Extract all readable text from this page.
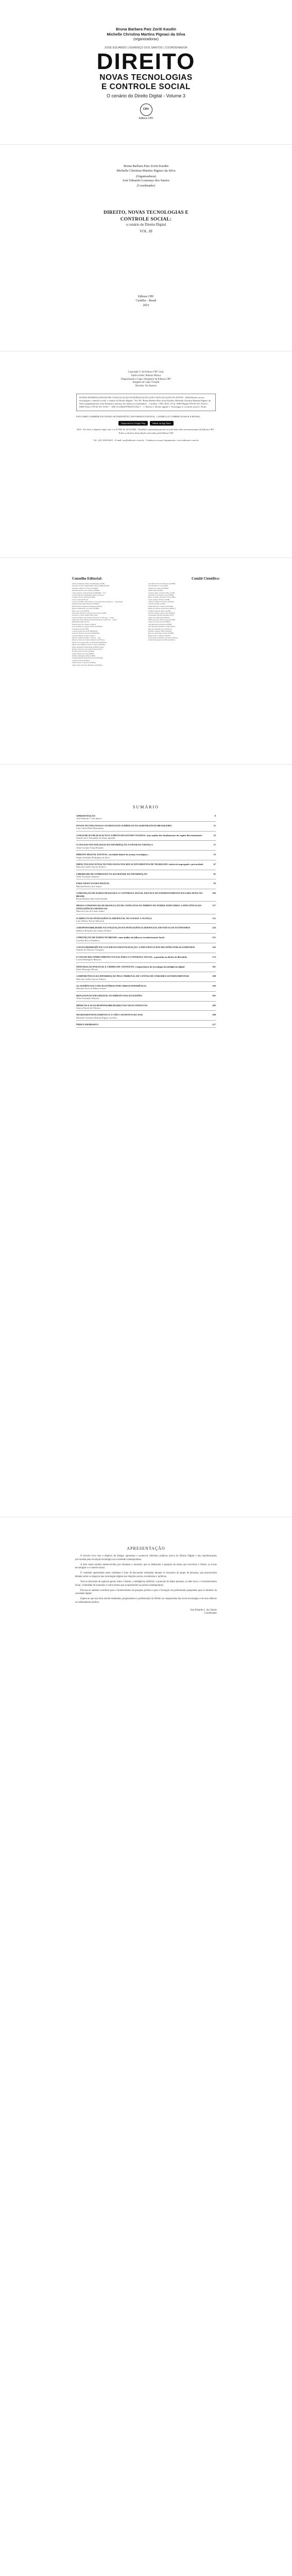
Bruna Barbara Paiz Zoriti Kasdin
Michelle Christina Martins Pignaci da Silva
(organizadoras)
JOSÉ EDUARDO LOURENÇO DOS SANTOS | COORDENADOR
DIREITO
NOVAS TECNOLOGIAS
E CONTROLE SOCIAL
O cenário do Direito Digital - Volume 3
CRV
Editora CRV
Bruna Barbara Paiz Zoriti Kasdin
Michelle Christina Martins Pignaci da Silva
(Organizadoras)
José Eduardo Lourenço dos Santos
(Coordenador)
DIREITO, NOVAS TECNOLOGIAS E
CONTROLE SOCIAL:
o cenário do Direito Digital
VOL. III
Editora CRV
Curitiba – Brasil
2022
Copyright © da Editora CRV Ltda.
Editor-chefe: Railson Moura
Diagramação e Capa: Designers da Editora CRV
Imagem de Capa: Freepik
Revisão: Os Autores
DADOS INTERNACIONAIS DE CATALOGAÇÃO NA PUBLICAÇÃO (CIP) CATALOGAÇÃO NA FONTE · D636 Direito, novas tecnologias e controle social: o cenário do Direito Digital - Vol. III / Bruna Barbara Paiz Zoriti Kasdin, Michelle Christina Martins Pignaci da Silva (organizadoras), José Eduardo Lourenço dos Santos (coordenador). – Curitiba : CRV, 2022. 210 p. ISBN Digital 978-65-251-3543-4 · ISBN Físico 978-65-251-3542-7 · DOI 10.24824/978652513542.7 · 1. Direito 2. Direito digital 3. Tecnologia 4. Controle social I. Título.
ESTA OBRA TAMBÉM ENCONTRA-SE DISPONÍVEL EM FORMATO DIGITAL. CONHEÇA E COMPRE NOSSOS E-BOOKS.
Disponível no Google Play	Baixar na App Store
2022 · Foi feito o depósito legal conf. Lei 10.994 de 14/12/2004 · Proibida a reprodução parcial ou total desta obra sem autorização da Editora CRV · Todos os direitos desta edição reservados pela Editora CRV
Tel.: (41) 3039-6418 – E-mail: sac@editoracrv.com.br · Conheça os nossos lançamentos: www.editoracrv.com.br
Conselho Editorial:	Comitê Científico:
Aldira Guimarães Duarte Domínguez (UNB)
Andréia da Silva Quintanilha Sousa (UNIR/UFRN)
Anselmo Alencar Colares (UFOPA)
Antônio Pereira Gaio Júnior (UFRRJ)
Carlos Alberto Vilar Estêvão (UMINHO – PT)
Carlos Federico Dominguez Avila (Unieuro)
Carmen Tereza Velanga (UNIR)
Celso Conti (UFSCar)
Cesar Gerónimo Tello (Univer. Nacional Três de Febrero – Argentina)
Eduardo Fernandes Barbosa (UFMG)
Elione Maria Nogueira Diogenes (UFAL)
Elizeu Clementino de Souza (UNEB)
Élsio José Corá (UFFS)
Fernando Antônio Gonçalves Alcoforado (IPB)
Francisco Carlos Duarte (PUC-PR)
Gloria Fariñas León (Universidade de La Havana – Cuba)
Guillermo Arias Beatón (Universidade de La Havana – Cuba)
Helmuth Krüger (UCP)
Jailson Alves dos Santos (UFRJ)
João Adalberto Campato Junior (UNESP)
Josania Portela (UFPI)
Leonel Severo Rocha (UNISINOS)
Lídia de Oliveira Xavier (UNIEURO)
Lourdes Helena da Silva (UFV)
Marcelo Paixão (UFRJ e UTexas – US)
Maria Cristina dos Santos Bezerra (UFSCar)
Maria de Lourdes Pinto de Almeida (UNOESC)
Maria Lília Imbiriba Sousa Colares (UFOPA)
Paulo Romualdo Hernandes (UNIFAL-MG)
Renato Francisco dos Santos Paula (UFG)
Rodrigo Pratte-Santos (UFES)
Sérgio Nunes de Jesus (IFRO)
Simone Rodrigues Pinto (UNB)
Solange Helena Ximenes-Rocha (UFOPA)
Sydione Santos (UEPG)
Tadeu Oliver Gonçalves (UFPA)
Tania Suely Azevedo Brasileiro (UFOPA)
Ana Maria Ferreira Menezes (UNEB)
Ana Monteiro Costa (UPE)
Anderson Catapan (UTFPR)
André Nunes (UnB)
Antonio Isidro da Silva Filho (UNB)
Armando João Dalla Costa (UFPR)
Breno de Paula Andrade Cruz (UFRJ)
Carlos Alberto Ramos (UNB)
Clailton Ataídes de Freitas (UFSM)
Claudio Gontijo (UFSJ)
Daniel Ricardo Castelan (PUCPR)
Dimas de Oliveira Estevam (UNESC)
Gildásio Santana Júnior (UFB)
Gustavo Abílio Galeno Arnt (UFMT)
Jacquelaine Florindo Borges (UFU)
Jaime Jose Zitkoski (UFRGS)
Jefferson Jorge Vieira Gomes (UNIP)
Jorge Luiz de Souza (UFOPA)
José Meireles Sobrinho (UNEB)
Luis Fernando Paulista Cotian (UFV)
Marcelo Nepomuceno (UFSCar)
Natalino Salgado Filho (UFMA)
Rita de Cássia Dias Soares (UFRB)
Rafael Faria Coutinho (UENF)
Sonia Maria Fernandes de Paula (UFAL)
Ubiratan Nogueira de Oliveira (FAC)
SUMÁRIO
APRESENTAÇÃO	9
José Eduardo L. dos Santos
NOVAS TECNOLOGIAS E OS REFLEXOS JURÍDICOS NO AGRONEGÓCIO BRASILEIRO	11
Luís Carlos Dalla Bernardina
A FRAUDE DA REALIZAÇÃO E A PROVA DO ESTADO NAZISTA: uma análise dos fundamentos do regime discriminatório	25
Gabriel da F. Fernandes de Souza Spinelli
O USO DAS TECNOLOGIAS DA INFORMAÇÃO A FAVOR DA CRIANÇA	37
Aline Cristina Viana Brunetti
DIREITO DIGITAL ESTATAL: sociedade diante do avanço tecnológico...	53
Sérgio Jerônimo Rodrigues da Silva
IMPACTOS DAS NOVAS TECNOLOGIAS NOS RELACIONAMENTOS DE TRABALHO: tutela do empregado e privacidade	67
Marcela Coelho Garcia Tedesco
LIBERDADE DE EXPRESSÃO NA SOCIEDADE DA INFORMAÇÃO	81
Aline Assunção Siqueira
FAKE NEWS NA ERA DIGITAL	93
Mariana Pereira dos Santos
A PROTEÇÃO DE DADOS PESSOAIS E O CONTROLE SOCIAL EM FACE DO ENFRENTAMENTO DA FAKE NEWS NO BRASIL
105
Bruna Barbara Paiz Zoriti Kasdin
MEIOS CONSENSUAIS DE RESOLUÇÃO DE CONFLITOS NO ÂMBITO DO PODER JUDICIÁRIO: A INFLUÊNCIA DA INTELIGÊNCIA ARTIFICIAL
117
Marcelo Luiz de Castro Júnior
O IMPACTO DA INTELIGÊNCIA ARTIFICIAL NO ACESSO À JUSTIÇA	131
Luiz Alberto Xavier Sinhorini
A RESPONSABILIDADE NA UTILIZAÇÃO DA INTELIGÊNCIA ARTIFICIAL EM VEÍCULOS AUTÔNOMOS	143
Matheus Pimentel dos Santos Delfino
A PROTEÇÃO DE DADOS NO BRASIL: uma análise da falha no reconhecimento facial	151
Carolina Ricci Ghandour
A NOVA HERMENÊUTICA NA ERA DA DIGITALIZAÇÃO: A INFLUÊNCIA DAS DECISÕES POR ALGORITMOS	163
Gabriel de Oliveira Cerqueira
O USO DO RECONHECIMENTO FACIAL PARA O CONTROLE SOCIAL: a garantia ao direito de liberdade	173
Lorena Rodrigues Massaro
INFILTRAÇÃO POLICIAL E CRIMES DE CONTEXTO: a importância da tecnologia da inteligência digital	181
Fabio Henrique Morais
A IMPORTÂNCIA DA INFORMAÇÃO PELO TRIBUNAL DE CONTAS DE UNIDADES GOVERNAMENTAIS	189
Marcela Coelho Garcia Tedesco
AS AUDIÊNCIAS CONCILIATÓRIAS POR VIDEOCONFERÊNCIA	195
Mariana Alves de Moura Soares
REFLEXOS DA ERA DIGITAL NO DIREITO DAS SUCESSÕES	201
Aline Assunção Siqueira
MÉDICOS E SUAS RESPONSABILIDADES NAS TELECONSULTAS	205
Jessica Nicole de Oliveira
NEUROSSENTENCIAMENTO E O VIÉS COGNITIVO DO JUIZ	209
Michelle Christina Martins Pignaci da Silva
ÍNDICE REMISSIVO	217
APRESENTAÇÃO

O terceiro livro tem o objetivo de abrigar, apresentar e promover reflexões jurídicas acerca do Direito Digital e das transformações provocadas pela revolução tecnológica na sociedade contemporânea.

A obra reúne estudos desenvolvidos por discentes e docentes, que se dedicaram à pesquisa de temas que envolvem o direito, as novas tecnologias e o controle social.

O conteúdo apresentado nesta coletânea é fruto de discussões realizadas durante os encontros do grupo de pesquisa, que promoveram debates sobre os impactos das tecnologias digitais nas relações sociais, econômicas e jurídicas.

Tem-se discussão de aspectos gerais sobre o direito, a inteligência artificial, a proteção de dados pessoais, as fake news, o reconhecimento facial, a liberdade de expressão e outros temas que se apresentam ao jurista contemporâneo.

Procura-se também contribuir para o fortalecimento da pesquisa jurídica e para a formação de profissionais preparados para os desafios da sociedade digital.

Espera-se que esta obra auxilie estudantes, pesquisadores e profissionais do Direito na compreensão das novas tecnologias e de seus reflexos no ordenamento jurídico.

José Eduardo L. dos Santos
Coordenador
